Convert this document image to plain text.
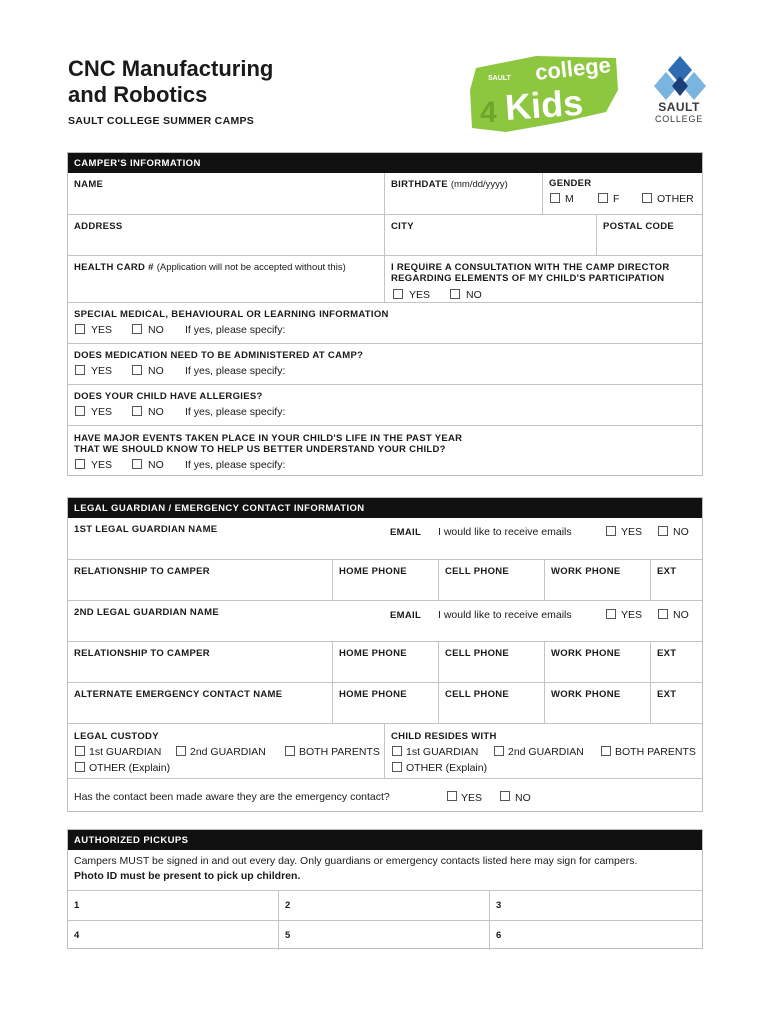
CNC Manufacturing
and Robotics
SAULT COLLEGE SUMMER CAMPS
SAULT college
4 Kids	SAULT
COLLEGE
CAMPER'S INFORMATION
NAME	BIRTHDATE (mm/dd/yyyy)	GENDER
M	F	OTHER
ADDRESS	CITY	POSTAL CODE
HEALTH CARD # (Application will not be accepted without this)	I REQUIRE A CONSULTATION WITH THE CAMP DIRECTOR
REGARDING ELEMENTS OF MY CHILD'S PARTICIPATION
YES	NO
SPECIAL MEDICAL, BEHAVIOURAL OR LEARNING INFORMATION
YES	NO If yes, please specify:
DOES MEDICATION NEED TO BE ADMINISTERED AT CAMP?
YES	NO If yes, please specify:
DOES YOUR CHILD HAVE ALLERGIES?
YES	NO If yes, please specify:
HAVE MAJOR EVENTS TAKEN PLACE IN YOUR CHILD'S LIFE IN THE PAST YEAR
THAT WE SHOULD KNOW TO HELP US BETTER UNDERSTAND YOUR CHILD?
YES	NO If yes, please specify:
LEGAL GUARDIAN / EMERGENCY CONTACT INFORMATION
1ST LEGAL GUARDIAN NAME	EMAIL I would like to receive emails	YES	NO
RELATIONSHIP TO CAMPER	HOME PHONE	CELL PHONE	WORK PHONE	EXT
2ND LEGAL GUARDIAN NAME	EMAIL I would like to receive emails	YES	NO
RELATIONSHIP TO CAMPER	HOME PHONE	CELL PHONE	WORK PHONE	EXT
ALTERNATE EMERGENCY CONTACT NAME	HOME PHONE	CELL PHONE	WORK PHONE	EXT
LEGAL CUSTODY
1st GUARDIAN	2nd GUARDIAN	BOTH PARENTS
OTHER (Explain)
CHILD RESIDES WITH
1st GUARDIAN	2nd GUARDIAN	BOTH PARENTS
OTHER (Explain)
Has the contact been made aware they are the emergency contact?	YES	NO
AUTHORIZED PICKUPS
Campers MUST be signed in and out every day. Only guardians or emergency contacts listed here may sign for campers.
Photo ID must be present to pick up children.
1	2	3
4	5	6
